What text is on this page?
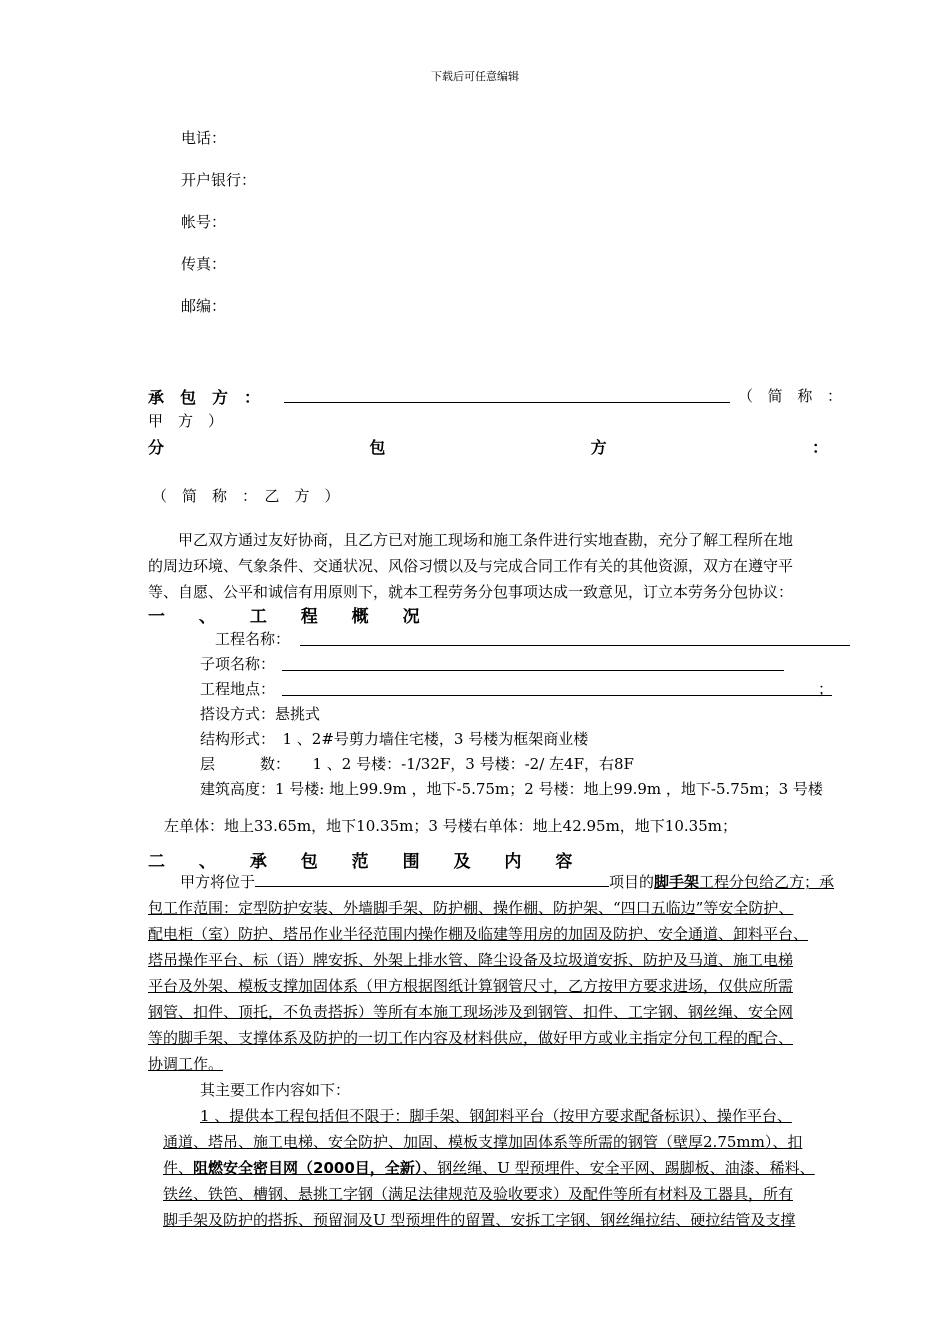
下载后可任意编辑
电话：
开户银行：
帐号：
传真：
邮编：
承 包 方 ：	（ 简 称 ：
甲　方　）
分	包	方	：
（　简　称　：　乙　方　）
　　甲乙双方通过友好协商，且乙方已对施工现场和施工条件进行实地查勘，充分了解工程所在地
的周边环境、气象条件、交通状况、风俗习惯以及与完成合同工作有关的其他资源，双方在遵守平
等、自愿、公平和诚信有用原则下，就本工程劳务分包事项达成一致意见，订立本劳务分包协议：
一 、 工 程 概 况
工程名称：
子项名称：
工程地点：	；
搭设方式：悬挑式
结构形式：　1 、2#号剪力墙住宅楼，3 号楼为框架商业楼
层　　　数：　　1 、2 号楼：-1/32F，3 号楼：-2/ 左4F，右8F
建筑高度：1 号楼: 地上99.9m ，地下-5.75m；2 号楼：地上99.9m ，地下-5.75m；3 号楼
左单体：地上33.65m，地下10.35m；3 号楼右单体：地上42.95m，地下10.35m；
二 、 承 包 范 围 及 内 容
甲方将位于	项目的脚手架工程分包给乙方；承
包工作范围：定型防护安装、外墙脚手架、防护棚、操作棚、防护架、“四口五临边”等安全防护、
配电柜（室）防护、塔吊作业半径范围内操作棚及临建等用房的加固及防护、安全通道、卸料平台、
塔吊操作平台、标（语）牌安拆、外架上排水管、降尘设备及垃圾道安拆、防护及马道、施工电梯
平台及外架、模板支撑加固体系（甲方根据图纸计算钢管尺寸，乙方按甲方要求进场，仅供应所需
钢管、扣件、顶托，不负责搭拆）等所有本施工现场涉及到钢管、扣件、工字钢、钢丝绳、安全网
等的脚手架、支撑体系及防护的一切工作内容及材料供应，做好甲方或业主指定分包工程的配合、
协调工作。
其主要工作内容如下：
1 、提供本工程包括但不限于：脚手架、钢卸料平台（按甲方要求配备标识）、操作平台、
通道、塔吊、施工电梯、安全防护、加固、模板支撑加固体系等所需的钢管（壁厚2.75mm）、扣
件、阻燃安全密目网（2000目，全新）、钢丝绳、U 型预埋件、安全平网、踢脚板、油漆、稀料、
铁丝、铁笆、槽钢、悬挑工字钢（满足法律规范及验收要求）及配件等所有材料及工器具，所有
脚手架及防护的搭拆、预留洞及U 型预埋件的留置、安拆工字钢、钢丝绳拉结、硬拉结管及支撑
